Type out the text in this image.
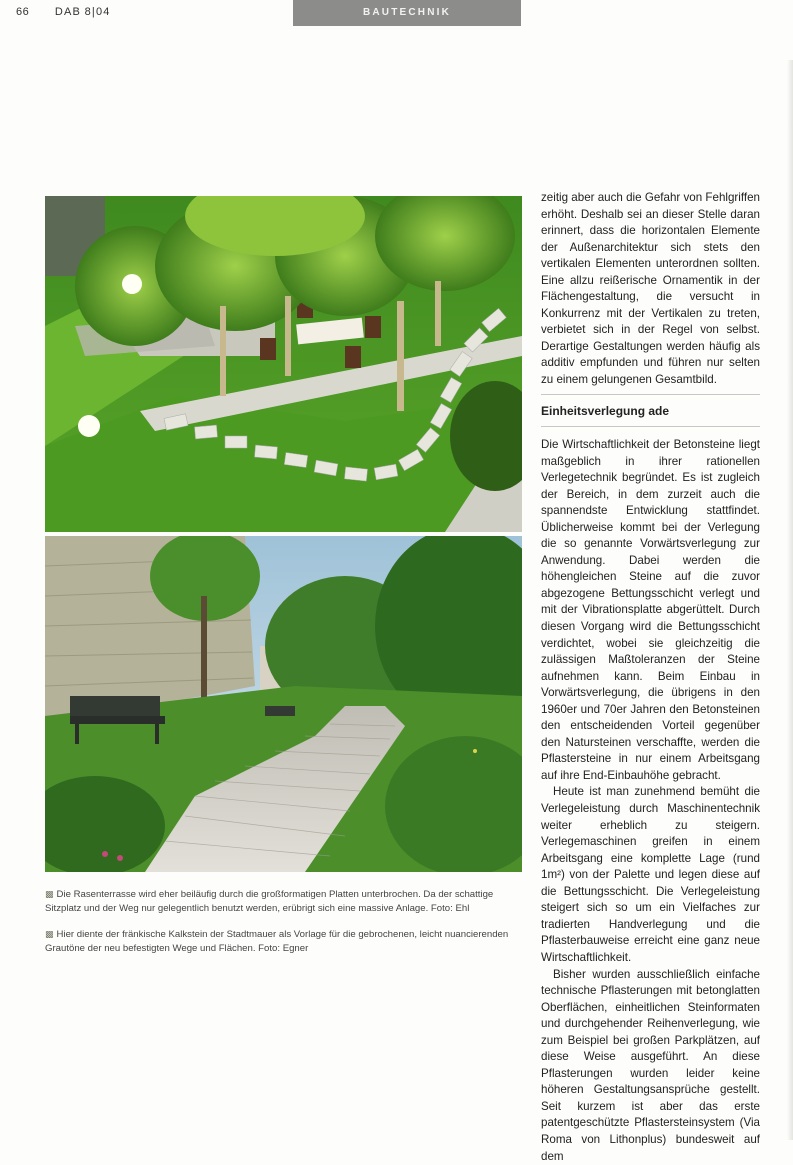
66 DAB 8|04	BAUTECHNIK

▩ Die Rasenterrasse wird eher beiläufig durch die großformatigen Platten unterbrochen. Da der schattige Sitzplatz und der Weg nur gelegentlich benutzt werden, erübrigt sich eine massive Anlage. Foto: Ehl

▩ Hier diente der fränkische Kalkstein der Stadtmauer als Vorlage für die gebrochenen, leicht nuancierenden Grautöne der neu befestigten Wege und Flächen. Foto: Egner

zeitig aber auch die Gefahr von Fehlgriffen erhöht. Deshalb sei an dieser Stelle daran erinnert, dass die horizontalen Elemente der Außenarchitektur sich stets den vertikalen Elementen unterordnen sollten. Eine allzu reißerische Ornamentik in der Flächengestaltung, die versucht in Konkurrenz mit der Vertikalen zu treten, verbietet sich in der Regel von selbst. Derartige Gestaltungen werden häufig als additiv empfunden und führen nur selten zu einem gelungenen Gesamtbild.

Einheitsverlegung ade

Die Wirtschaftlichkeit der Betonsteine liegt maßgeblich in ihrer rationellen Verlegetechnik begründet. Es ist zugleich der Bereich, in dem zurzeit auch die spannendste Entwicklung stattfindet. Üblicherweise kommt bei der Verlegung die so genannte Vorwärtsverlegung zur Anwendung. Dabei werden die höhengleichen Steine auf die zuvor abgezogene Bettungsschicht verlegt und mit der Vibrationsplatte abgerüttelt. Durch diesen Vorgang wird die Bettungsschicht verdichtet, wobei sie gleichzeitig die zulässigen Maßtoleranzen der Steine aufnehmen kann. Beim Einbau in Vorwärtsverlegung, die übrigens in den 1960er und 70er Jahren den Betonsteinen den entscheidenden Vorteil gegenüber den Natursteinen verschaffte, werden die Pflastersteine in nur einem Arbeitsgang auf ihre End-Einbauhöhe gebracht.

Heute ist man zunehmend bemüht die Verlegeleistung durch Maschinentechnik weiter erheblich zu steigern. Verlegemaschinen greifen in einem Arbeitsgang eine komplette Lage (rund 1m²) von der Palette und legen diese auf die Bettungsschicht. Die Verlegeleistung steigert sich so um ein Vielfaches zur tradierten Handverlegung und die Pflasterbauweise erreicht eine ganz neue Wirtschaftlichkeit.

Bisher wurden ausschließlich einfache technische Pflasterungen mit betonglatten Oberflächen, einheitlichen Steinformaten und durchgehender Reihenverlegung, wie zum Beispiel bei großen Parkplätzen, auf diese Weise ausgeführt. An diese Pflasterungen wurden leider keine höheren Gestaltungsansprüche gestellt. Seit kurzem ist aber das erste patentgeschützte Pflastersteinsystem (Via Roma von Lithonplus) bundesweit auf dem
